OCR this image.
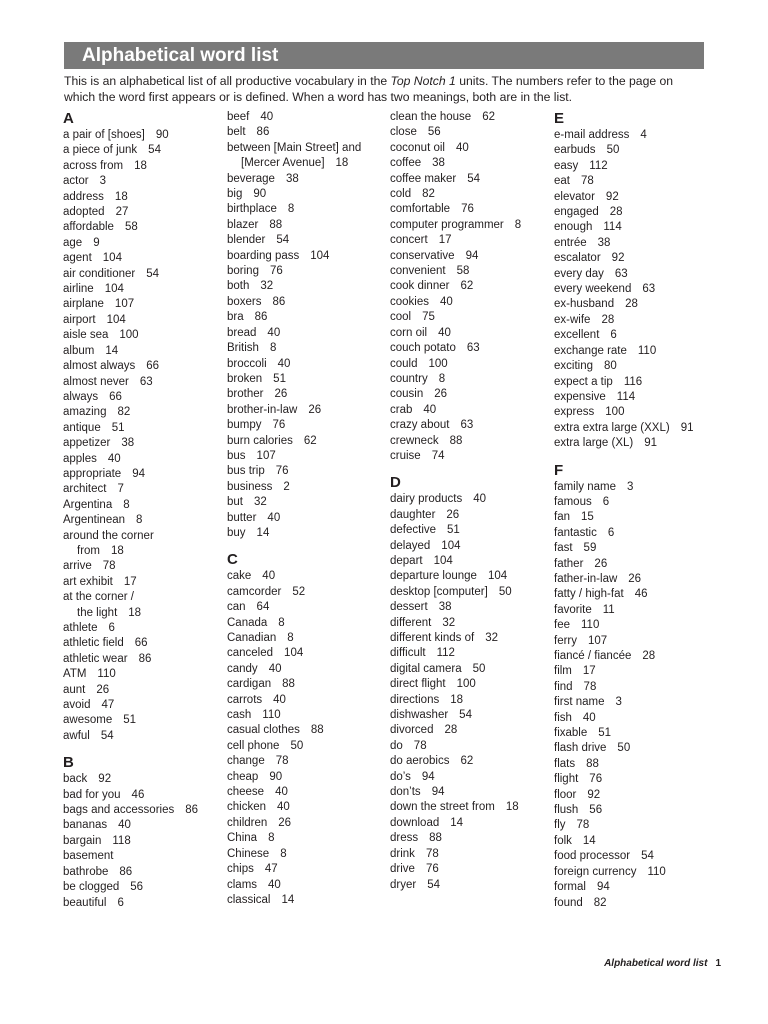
Alphabetical word list

This is an alphabetical list of all productive vocabulary in the Top Notch 1 units. The numbers refer to the page on which the word first appears or is defined. When a word has two meanings, both are in the list.

A
a pair of [shoes] 90
a piece of junk 54
across from 18
actor 3
address 18
adopted 27
affordable 58
age 9
agent 104
air conditioner 54
airline 104
airplane 107
airport 104
aisle sea 100
album 14
almost always 66
almost never 63
always 66
amazing 82
antique 51
appetizer 38
apples 40
appropriate 94
architect 7
Argentina 8
Argentinean 8
around the corner
from 18
arrive 78
art exhibit 17
at the corner /
the light 18
athlete 6
athletic field 66
athletic wear 86
ATM 110
aunt 26
avoid 47
awesome 51
awful 54
B
back 92
bad for you 46
bags and accessories 86
bananas 40
bargain 118
basement
bathrobe 86
be clogged 56
beautiful 6
beef 40
belt 86
between [Main Street] and
[Mercer Avenue] 18
beverage 38
big 90
birthplace 8
blazer 88
blender 54
boarding pass 104
boring 76
both 32
boxers 86
bra 86
bread 40
British 8
broccoli 40
broken 51
brother 26
brother-in-law 26
bumpy 76
burn calories 62
bus 107
bus trip 76
business 2
but 32
butter 40
buy 14
C
cake 40
camcorder 52
can 64
Canada 8
Canadian 8
canceled 104
candy 40
cardigan 88
carrots 40
cash 110
casual clothes 88
cell phone 50
change 78
cheap 90
cheese 40
chicken 40
children 26
China 8
Chinese 8
chips 47
clams 40
classical 14
clean the house 62
close 56
coconut oil 40
coffee 38
coffee maker 54
cold 82
comfortable 76
computer programmer 8
concert 17
conservative 94
convenient 58
cook dinner 62
cookies 40
cool 75
corn oil 40
couch potato 63
could 100
country 8
cousin 26
crab 40
crazy about 63
crewneck 88
cruise 74
D
dairy products 40
daughter 26
defective 51
delayed 104
depart 104
departure lounge 104
desktop [computer] 50
dessert 38
different 32
different kinds of 32
difficult 112
digital camera 50
direct flight 100
directions 18
dishwasher 54
divorced 28
do 78
do aerobics 62
do’s 94
don’ts 94
down the street from 18
download 14
dress 88
drink 78
drive 76
dryer 54
E
e-mail address 4
earbuds 50
easy 112
eat 78
elevator 92
engaged 28
enough 114
entrée 38
escalator 92
every day 63
every weekend 63
ex-husband 28
ex-wife 28
excellent 6
exchange rate 110
exciting 80
expect a tip 116
expensive 114
express 100
extra extra large (XXL) 91
extra large (XL) 91
F
family name 3
famous 6
fan 15
fantastic 6
fast 59
father 26
father-in-law 26
fatty / high-fat 46
favorite 11
fee 110
ferry 107
fiancé / fiancée 28
film 17
find 78
first name 3
fish 40
fixable 51
flash drive 50
flats 88
flight 76
floor 92
flush 56
fly 78
folk 14
food processor 54
foreign currency 110
formal 94
found 82
Alphabetical word list 1
